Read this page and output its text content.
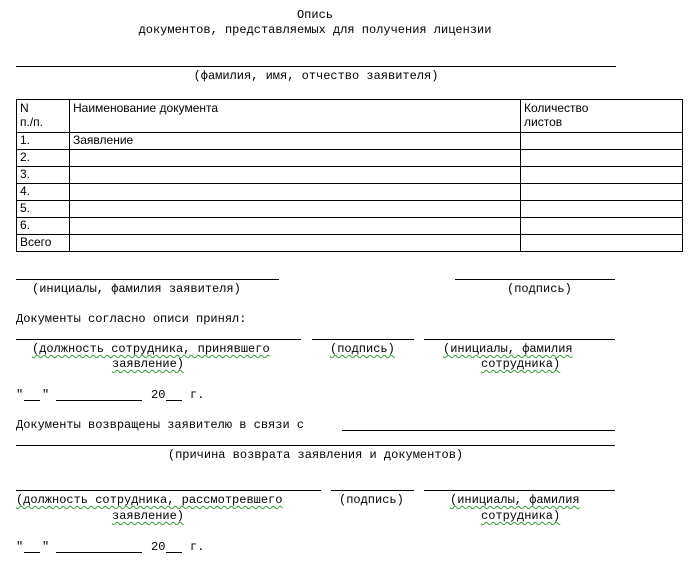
Опись
документов, представляемых для получения лицензии
(фамилия, имя, отчество заявителя)
N
п./п.	Наименование документа	Количество
листов
1.	Заявление	
2.		
3.		
4.		
5.		
6.		
Всего		
(инициалы, фамилия заявителя)	(подпись)
Документы согласно описи принял:
(должность сотрудника, принявшего
заявление)
(подпись)	(инициалы, фамилия
сотрудника)
" "	20 г.
Документы возвращены заявителю в связи с
(причина возврата заявления и документов)
(должность сотрудника, рассмотревшего
заявление)
(подпись)	(инициалы, фамилия
сотрудника)
" "	20 г.
